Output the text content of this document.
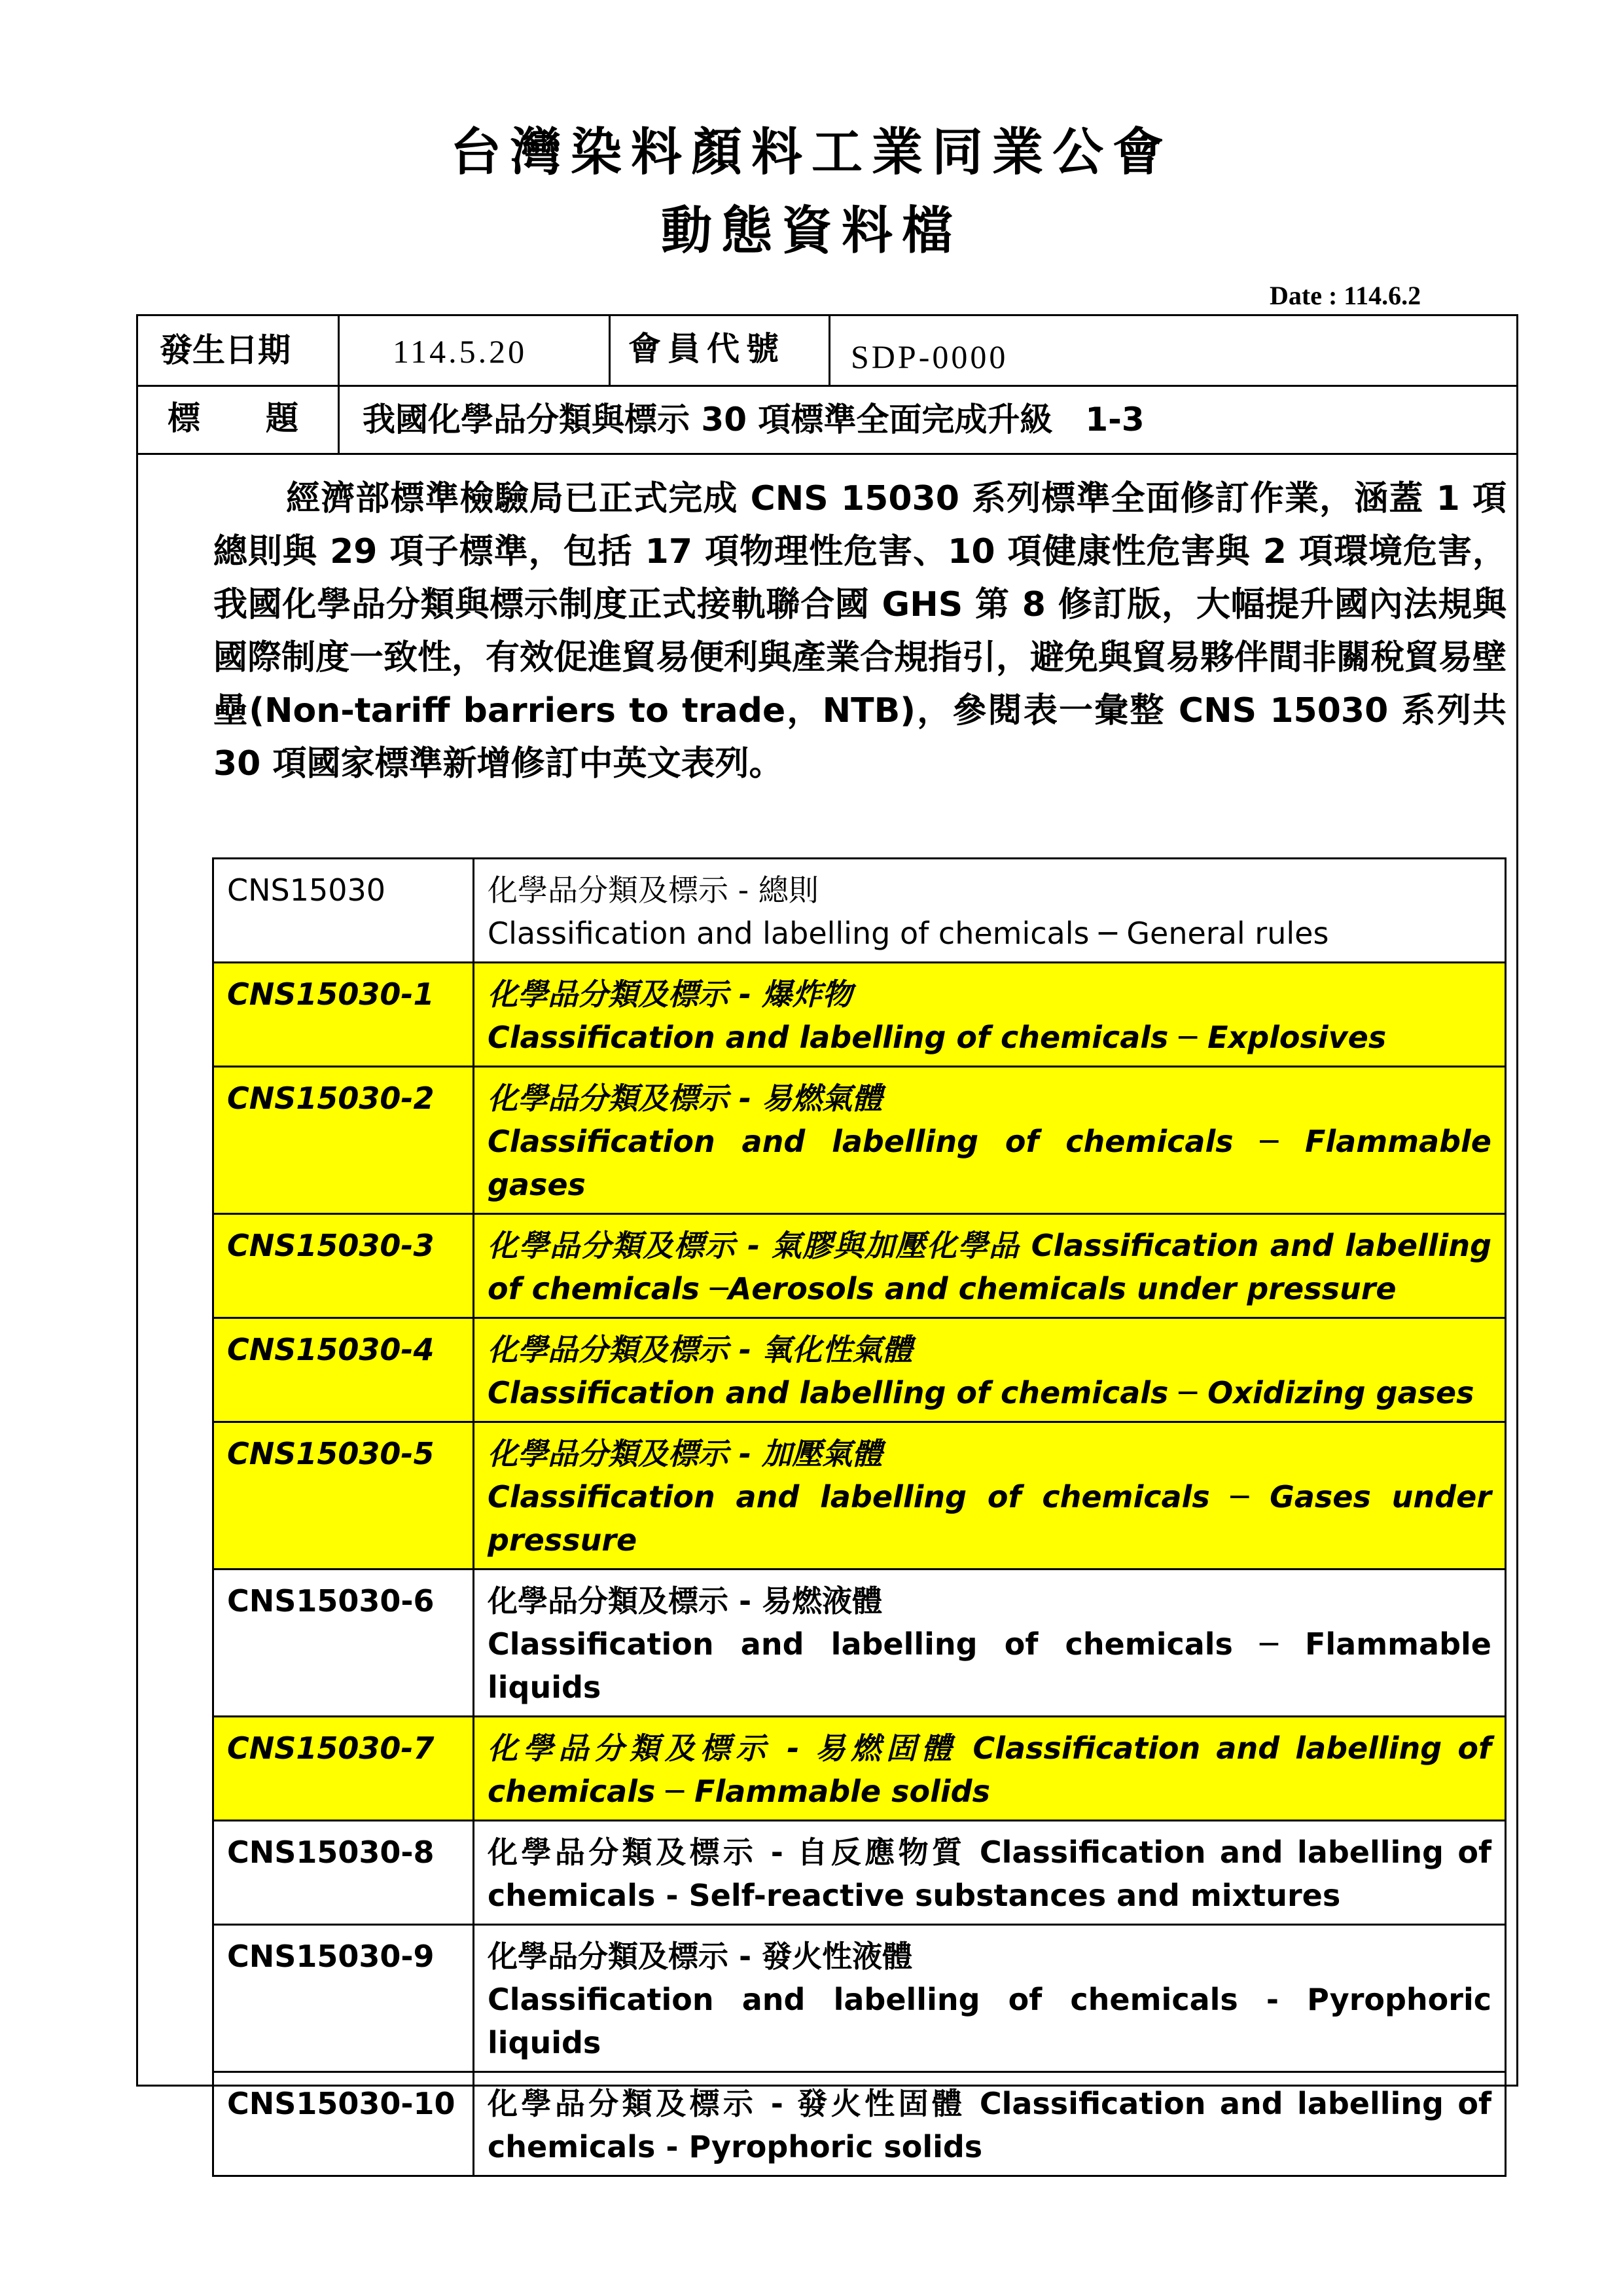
台灣染料顏料工業同業公會
動態資料檔
Date : 114.6.2
發生日期	114.5.20	會員代號 SDP-0000
標　　題 我國化學品分類與標示 30 項標準全面完成升級　1-3

經濟部標準檢驗局已正式完成 CNS 15030 系列標準全面修訂作業，涵蓋 1 項總則與 29 項子標準，包括 17 項物理性危害、10 項健康性危害與 2 項環境危害，我國化學品分類與標示制度正式接軌聯合國 GHS 第 8 修訂版，大幅提升國內法規與國際制度一致性，有效促進貿易便利與產業合規指引，避免與貿易夥伴間非關稅貿易壁壘(Non-tariff barriers to trade，NTB)，參閱表一彙整 CNS 15030 系列共 30 項國家標準新增修訂中英文表列。

CNS15030	化學品分類及標示 - 總則
Classification and labelling of chemicals ─ General rules

CNS15030-1	化學品分類及標示 - 爆炸物
Classification and labelling of chemicals ─ Explosives

CNS15030-2	化學品分類及標示 - 易燃氣體
Classification and labelling of chemicals ─ Flammable gases

CNS15030-3	化學品分類及標示 - 氣膠與加壓化學品 Classification and labelling of chemicals ─Aerosols and chemicals under pressure

CNS15030-4	化學品分類及標示 - 氧化性氣體
Classification and labelling of chemicals ─ Oxidizing gases

CNS15030-5	化學品分類及標示 - 加壓氣體
Classification and labelling of chemicals ─ Gases under pressure

CNS15030-6	化學品分類及標示 - 易燃液體
Classification and labelling of chemicals ─ Flammable liquids

CNS15030-7	化學品分類及標示 - 易燃固體 Classification and labelling of chemicals ─ Flammable solids

CNS15030-8	化學品分類及標示 - 自反應物質 Classification and labelling of chemicals - Self-reactive substances and mixtures

CNS15030-9	化學品分類及標示 - 發火性液體
Classification and labelling of chemicals - Pyrophoric liquids

CNS15030-10	化學品分類及標示 - 發火性固體 Classification and labelling of chemicals - Pyrophoric solids
